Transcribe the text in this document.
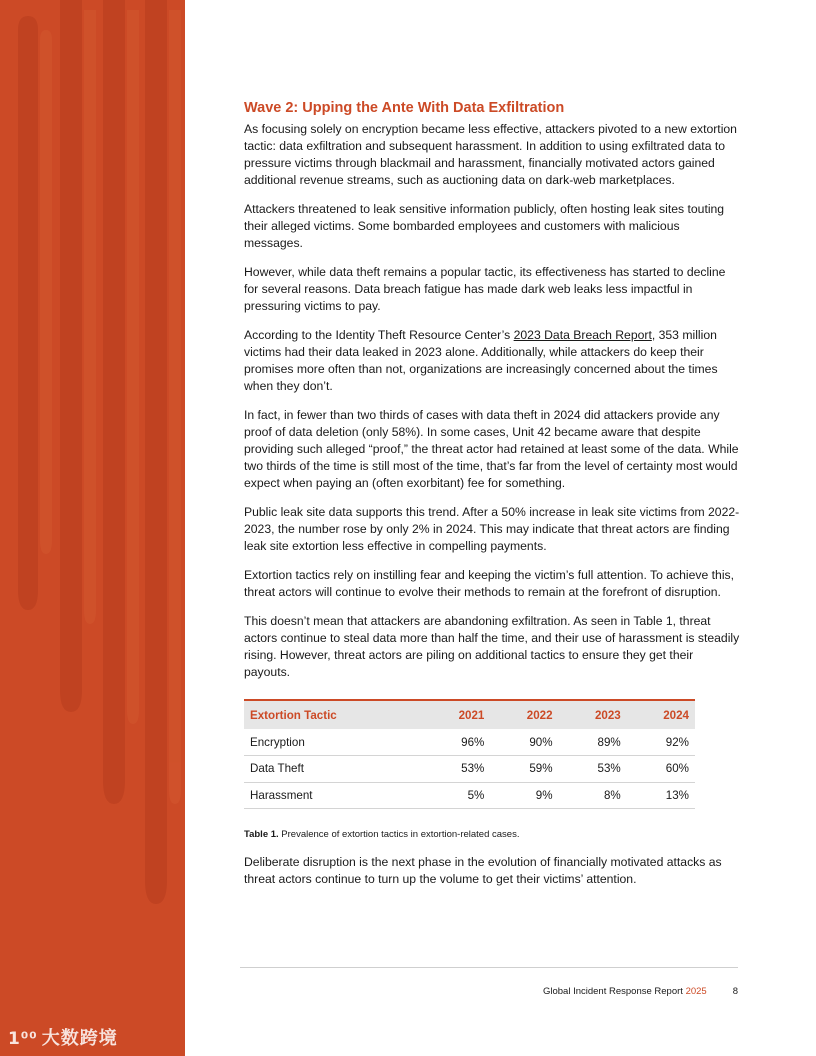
1⁰⁰ 大数跨境
Wave 2: Upping the Ante With Data Exfiltration

As focusing solely on encryption became less effective, attackers pivoted to a new extortion tactic: data exfiltration and subsequent harassment. In addition to using exfiltrated data to pressure victims through blackmail and harassment, financially motivated actors gained additional revenue streams, such as auctioning data on dark-web marketplaces.

Attackers threatened to leak sensitive information publicly, often hosting leak sites touting their alleged victims. Some bombarded employees and customers with malicious messages.

However, while data theft remains a popular tactic, its effectiveness has started to decline for several reasons. Data breach fatigue has made dark web leaks less impactful in pressuring victims to pay.

According to the Identity Theft Resource Center’s 2023 Data Breach Report, 353 million victims had their data leaked in 2023 alone. Additionally, while attackers do keep their promises more often than not, organizations are increasingly concerned about the times when they don’t.

In fact, in fewer than two thirds of cases with data theft in 2024 did attackers provide any proof of data deletion (only 58%). In some cases, Unit 42 became aware that despite providing such alleged “proof,” the threat actor had retained at least some of the data. While two thirds of the time is still most of the time, that’s far from the level of certainty most would expect when paying an (often exorbitant) fee for something.

Public leak site data supports this trend. After a 50% increase in leak site victims from 2022-2023, the number rose by only 2% in 2024. This may indicate that threat actors are finding leak site extortion less effective in compelling payments.

Extortion tactics rely on instilling fear and keeping the victim’s full attention. To achieve this, threat actors will continue to evolve their methods to remain at the forefront of disruption.

This doesn’t mean that attackers are abandoning exfiltration. As seen in Table 1, threat actors continue to steal data more than half the time, and their use of harassment is steadily rising. However, threat actors are piling on additional tactics to ensure they get their payouts.

Extortion Tactic	2021	2022	2023	2024
Encryption	96%	90%	89%	92%
Data Theft	53%	59%	53%	60%
Harassment	5%	9%	8%	13%

Table 1. Prevalence of extortion tactics in extortion-related cases.

Deliberate disruption is the next phase in the evolution of financially motivated attacks as threat actors continue to turn up the volume to get their victims’ attention.

Global Incident Response Report 2025	8
